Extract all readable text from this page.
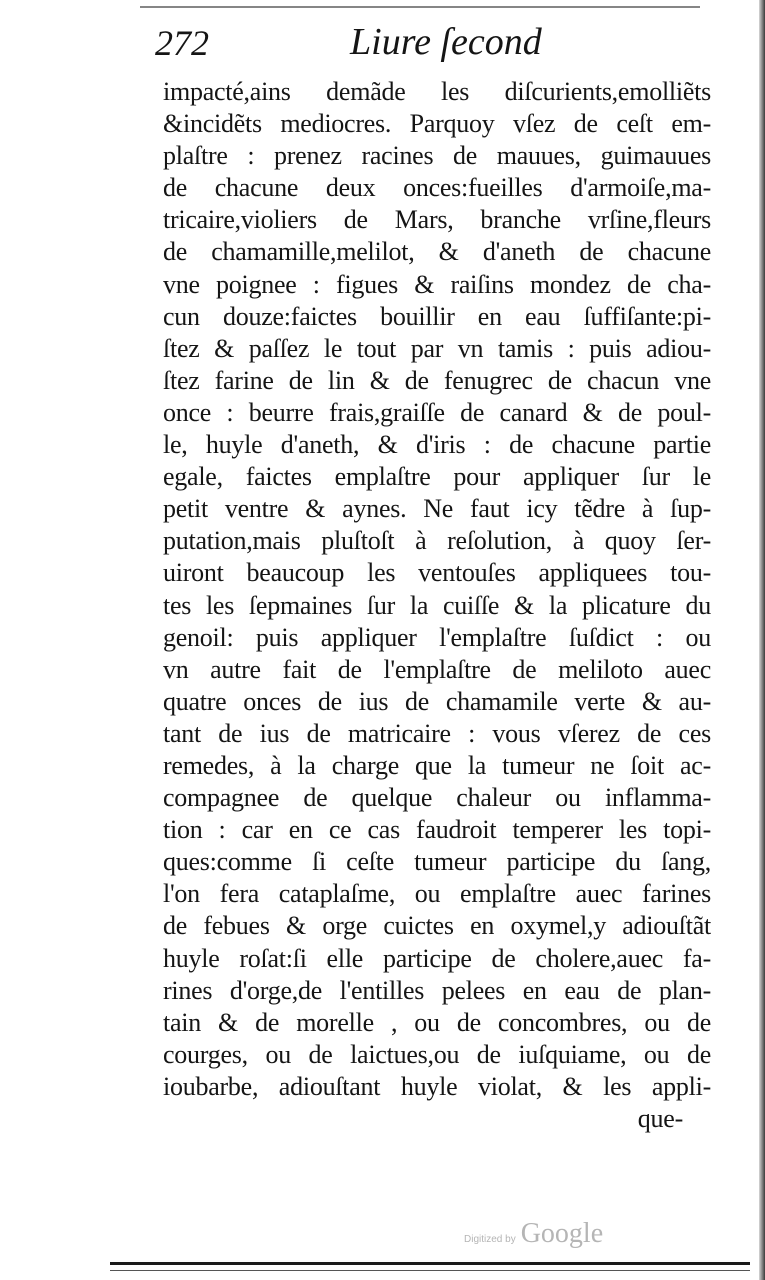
272	Liure ſecond
impacté,ains demãde les diſcurients,emolliẽts
&incidẽts mediocres. Parquoy vſez de ceſt em-
plaſtre : prenez racines de mauues, guimauues
de chacune deux onces:fueilles d'armoiſe,ma-
tricaire,violiers de Mars, branche vrſine,fleurs
de chamamille,melilot, & d'aneth de chacune
vne poignee : figues & raiſins mondez de cha-
cun douze:faictes bouillir en eau ſuffiſante:pi-
ſtez & paſſez le tout par vn tamis : puis adiou-
ſtez farine de lin & de fenugrec de chacun vne
once : beurre frais,graiſſe de canard & de poul-
le, huyle d'aneth, & d'iris : de chacune partie
egale, faictes emplaſtre pour appliquer ſur le
petit ventre & aynes. Ne faut icy tẽdre à ſup-
putation,mais pluſtoſt à reſolution, à quoy ſer-
uiront beaucoup les ventouſes appliquees tou-
tes les ſepmaines ſur la cuiſſe & la plicature du
genoil: puis appliquer l'emplaſtre ſuſdict : ou
vn autre fait de l'emplaſtre de meliloto auec
quatre onces de ius de chamamile verte & au-
tant de ius de matricaire : vous vſerez de ces
remedes, à la charge que la tumeur ne ſoit ac-
compagnee de quelque chaleur ou inflamma-
tion : car en ce cas faudroit temperer les topi-
ques:comme ſi ceſte tumeur participe du ſang,
l'on fera cataplaſme, ou emplaſtre auec farines
de febues & orge cuictes en oxymel,y adiouſtãt
huyle roſat:ſi elle participe de cholere,auec fa-
rines d'orge,de l'entilles pelees en eau de plan-
tain & de morelle , ou de concombres, ou de
courges, ou de laictues,ou de iuſquiame, ou de
ioubarbe, adiouſtant huyle violat, & les appli-
que-
Digitized by Google
